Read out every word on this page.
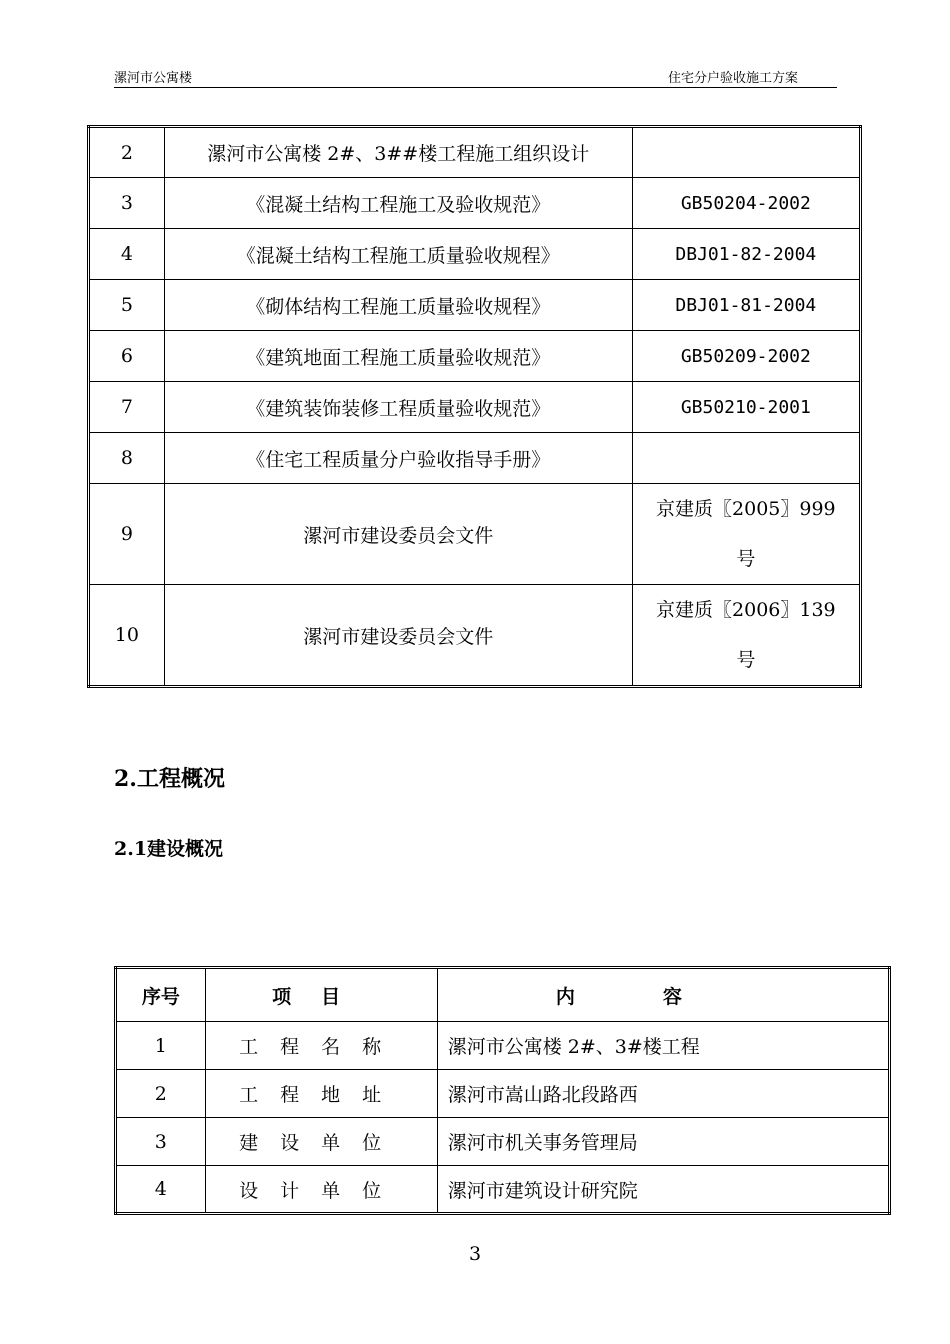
漯河市公寓楼	住宅分户验收施工方案
2	漯河市公寓楼 2#、3##楼工程施工组织设计	
3	《混凝土结构工程施工及验收规范》	GB50204-2002
4	《混凝土结构工程施工质量验收规程》	DBJ01-82-2004
5	《砌体结构工程施工质量验收规程》	DBJ01-81-2004
6	《建筑地面工程施工质量验收规范》	GB50209-2002
7	《建筑装饰装修工程质量验收规范》	GB50210-2001
8	《住宅工程质量分户验收指导手册》	
9	漯河市建设委员会文件	京建质〖2005〗999
号

10	漯河市建设委员会文件	京建质〖2006〗139
号
2.工程概况
2.1建设概况
序号	项目	内容
1	工程名称	漯河市公寓楼 2#、3#楼工程
2	工程地址	漯河市嵩山路北段路西
3	建设单位	漯河市机关事务管理局
4	设计单位	漯河市建筑设计研究院
3
